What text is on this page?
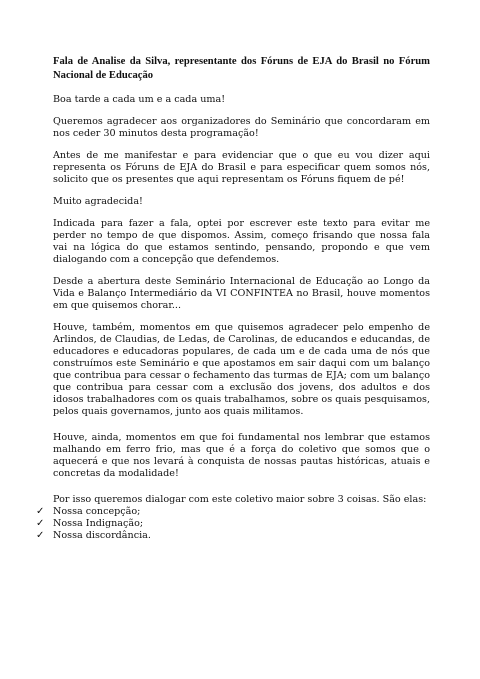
Fala de Analise da Silva, representante dos Fóruns de EJA do Brasil no Fórum Nacional de Educação

Boa tarde a cada um e a cada uma!

Queremos agradecer aos organizadores do Seminário que concordaram em nos ceder 30 minutos desta programação!

Antes de me manifestar e para evidenciar que o que eu vou dizer aqui representa os Fóruns de EJA do Brasil e para especificar quem somos nós, solicito que os presentes que aqui representam os Fóruns fiquem de pé!

Muito agradecida!

Indicada para fazer a fala, optei por escrever este texto para evitar me perder no tempo de que dispomos. Assim, começo frisando que nossa fala vai na lógica do que estamos sentindo, pensando, propondo e que vem dialogando com a concepção que defendemos.

Desde a abertura deste Seminário Internacional de Educação ao Longo da Vida e Balanço Intermediário da VI CONFINTEA no Brasil, houve momentos em que quisemos chorar...

Houve, também, momentos em que quisemos agradecer pelo empenho de Arlindos, de Claudias, de Ledas, de Carolinas, de educandos e educandas, de educadores e educadoras populares, de cada um e de cada uma de nós que construímos este Seminário e que apostamos em sair daqui com um balanço que contribua para cessar o fechamento das turmas de EJA; com um balanço que contribua para cessar com a exclusão dos jovens, dos adultos e dos idosos trabalhadores com os quais trabalhamos, sobre os quais pesquisamos, pelos quais governamos, junto aos quais militamos.

Houve, ainda, momentos em que foi fundamental nos lembrar que estamos malhando em ferro frio, mas que é a força do coletivo que somos que o aquecerá e que nos levará à conquista de nossas pautas históricas, atuais e concretas da modalidade!

Por isso queremos dialogar com este coletivo maior sobre 3 coisas. São elas:

✓ Nossa concepção;
✓ Nossa Indignação;
✓ Nossa discordância.
